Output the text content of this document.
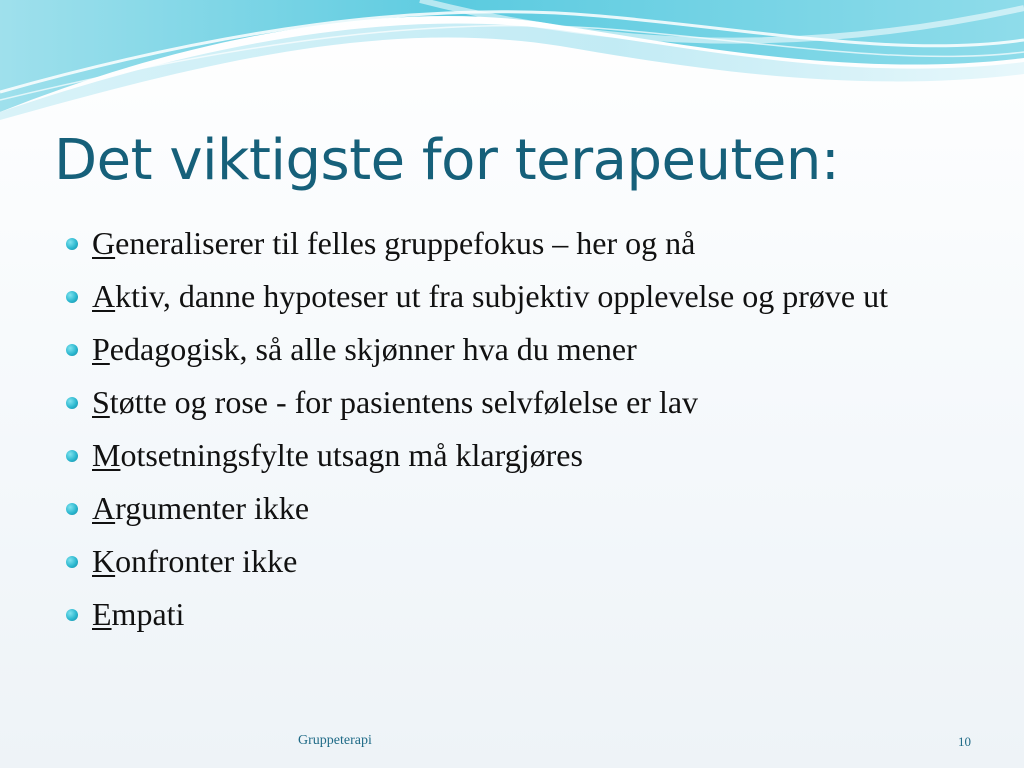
Det viktigste for terapeuten:
Generaliserer til felles gruppefokus – her og nå
Aktiv, danne hypoteser ut fra subjektiv opplevelse og prøve ut
Pedagogisk, så alle skjønner hva du mener
Støtte og rose - for pasientens selvfølelse er lav
Motsetningsfylte utsagn må klargjøres
Argumenter ikke
Konfronter ikke
Empati
Gruppeterapi	10
